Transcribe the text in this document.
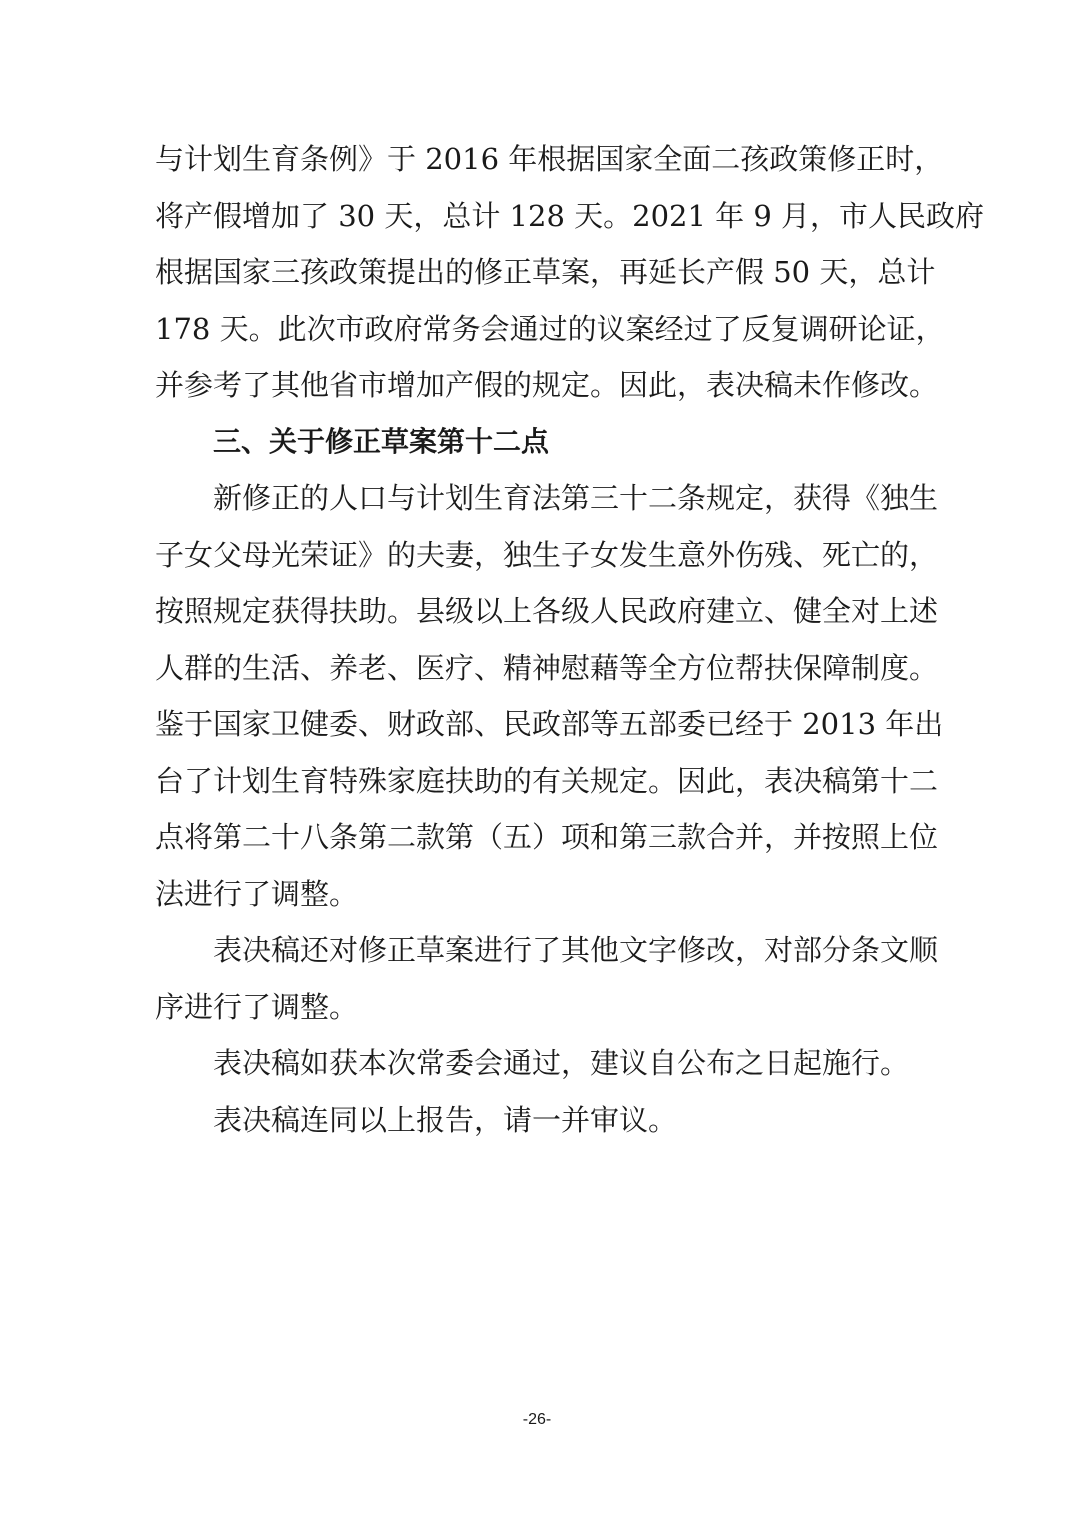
与计划生育条例》于 2016 年根据国家全面二孩政策修正时，
将产假增加了 30 天，总计 128 天。2021 年 9 月，市人民政府
根据国家三孩政策提出的修正草案，再延长产假 50 天，总计
178 天。此次市政府常务会通过的议案经过了反复调研论证，
并参考了其他省市增加产假的规定。因此，表决稿未作修改。
三、关于修正草案第十二点
新修正的人口与计划生育法第三十二条规定，获得《独生
子女父母光荣证》的夫妻，独生子女发生意外伤残、死亡的，
按照规定获得扶助。县级以上各级人民政府建立、健全对上述
人群的生活、养老、医疗、精神慰藉等全方位帮扶保障制度。
鉴于国家卫健委、财政部、民政部等五部委已经于 2013 年出
台了计划生育特殊家庭扶助的有关规定。因此，表决稿第十二
点将第二十八条第二款第（五）项和第三款合并，并按照上位
法进行了调整。
表决稿还对修正草案进行了其他文字修改，对部分条文顺
序进行了调整。
表决稿如获本次常委会通过，建议自公布之日起施行。
表决稿连同以上报告，请一并审议。
-26-
